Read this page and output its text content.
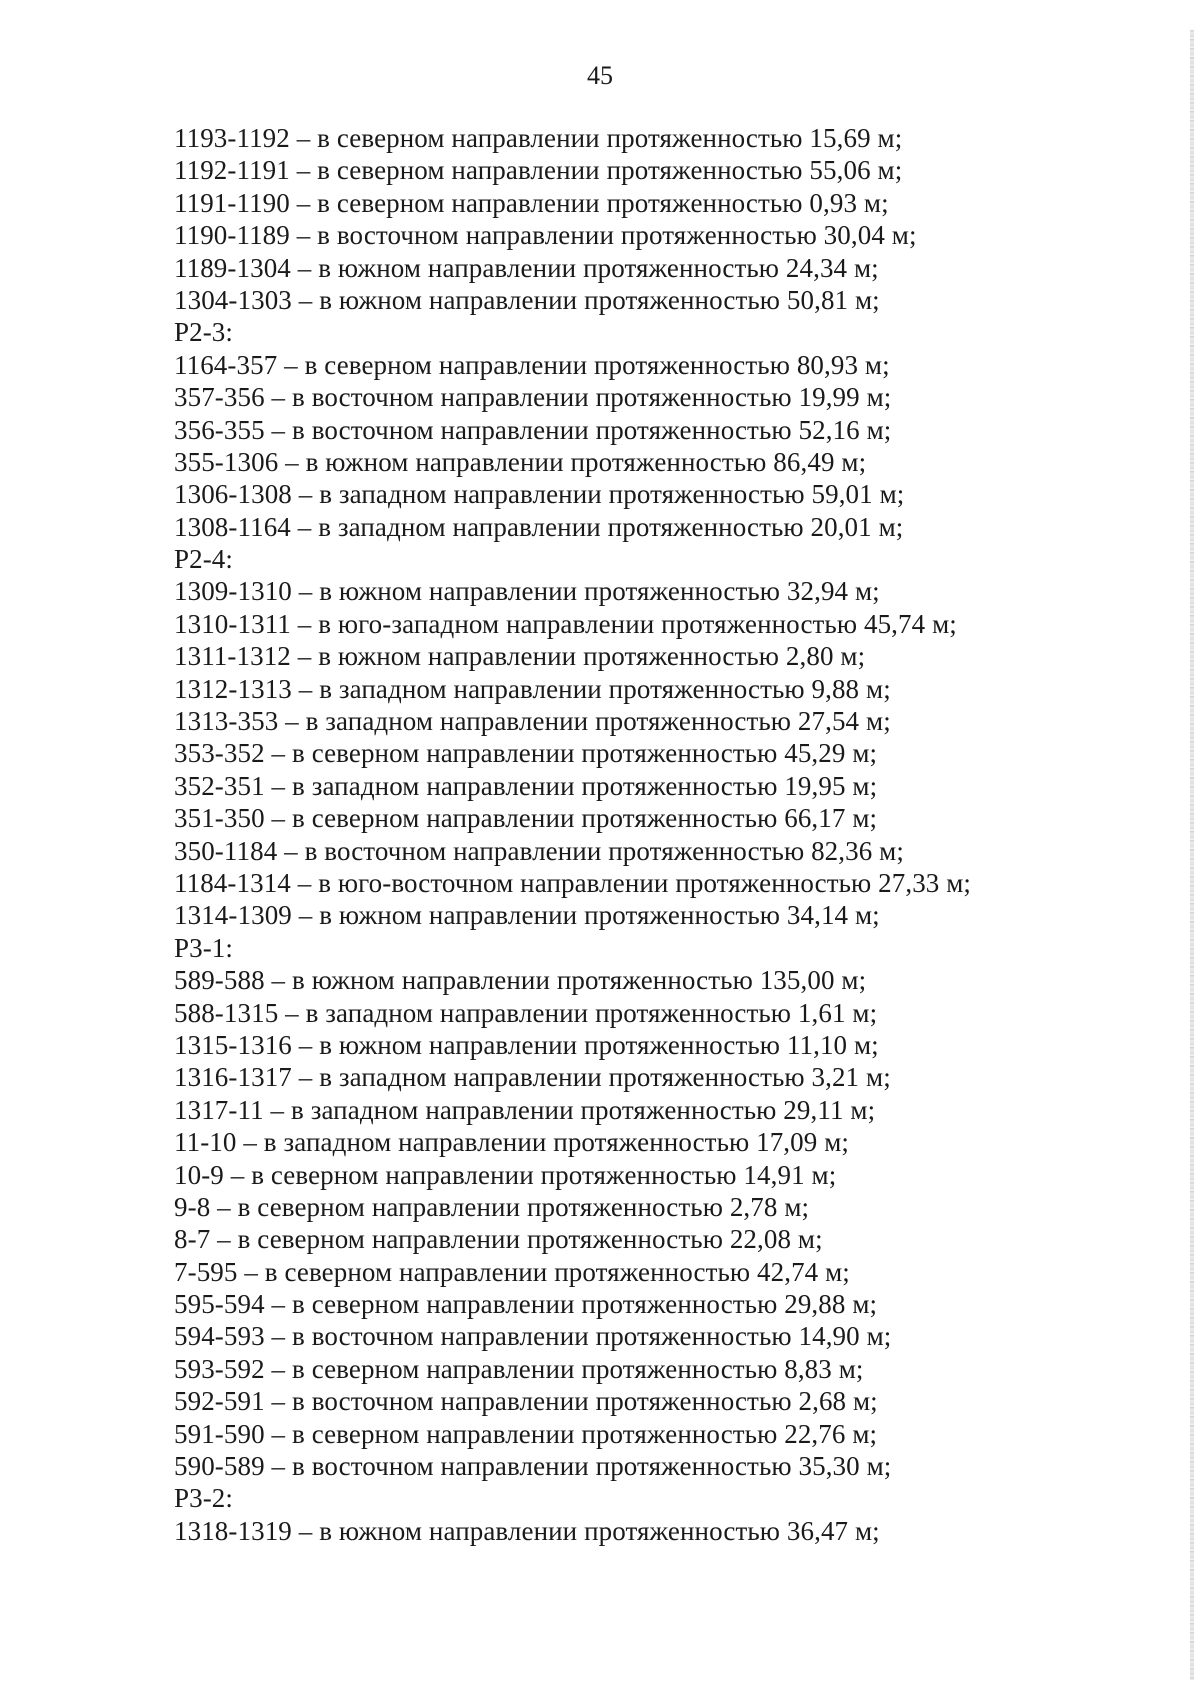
45
1193-1192 – в северном направлении протяженностью 15,69 м;
1192-1191 – в северном направлении протяженностью 55,06 м;
1191-1190 – в северном направлении протяженностью 0,93 м;
1190-1189 – в восточном направлении протяженностью 30,04 м;
1189-1304 – в южном направлении протяженностью 24,34 м;
1304-1303 – в южном направлении протяженностью 50,81 м;
Р2-3:
1164-357 – в северном направлении протяженностью 80,93 м;
357-356 – в восточном направлении протяженностью 19,99 м;
356-355 – в восточном направлении протяженностью 52,16 м;
355-1306 – в южном направлении протяженностью 86,49 м;
1306-1308 – в западном направлении протяженностью 59,01 м;
1308-1164 – в западном направлении протяженностью 20,01 м;
Р2-4:
1309-1310 – в южном направлении протяженностью 32,94 м;
1310-1311 – в юго-западном направлении протяженностью 45,74 м;
1311-1312 – в южном направлении протяженностью 2,80 м;
1312-1313 – в западном направлении протяженностью 9,88 м;
1313-353 – в западном направлении протяженностью 27,54 м;
353-352 – в северном направлении протяженностью 45,29 м;
352-351 – в западном направлении протяженностью 19,95 м;
351-350 – в северном направлении протяженностью 66,17 м;
350-1184 – в восточном направлении протяженностью 82,36 м;
1184-1314 – в юго-восточном направлении протяженностью 27,33 м;
1314-1309 – в южном направлении протяженностью 34,14 м;
Р3-1:
589-588 – в южном направлении протяженностью 135,00 м;
588-1315 – в западном направлении протяженностью 1,61 м;
1315-1316 – в южном направлении протяженностью 11,10 м;
1316-1317 – в западном направлении протяженностью 3,21 м;
1317-11 – в западном направлении протяженностью 29,11 м;
11-10 – в западном направлении протяженностью 17,09 м;
10-9 – в северном направлении протяженностью 14,91 м;
9-8 – в северном направлении протяженностью 2,78 м;
8-7 – в северном направлении протяженностью 22,08 м;
7-595 – в северном направлении протяженностью 42,74 м;
595-594 – в северном направлении протяженностью 29,88 м;
594-593 – в восточном направлении протяженностью 14,90 м;
593-592 – в северном направлении протяженностью 8,83 м;
592-591 – в восточном направлении протяженностью 2,68 м;
591-590 – в северном направлении протяженностью 22,76 м;
590-589 – в восточном направлении протяженностью 35,30 м;
Р3-2:
1318-1319 – в южном направлении протяженностью 36,47 м;
